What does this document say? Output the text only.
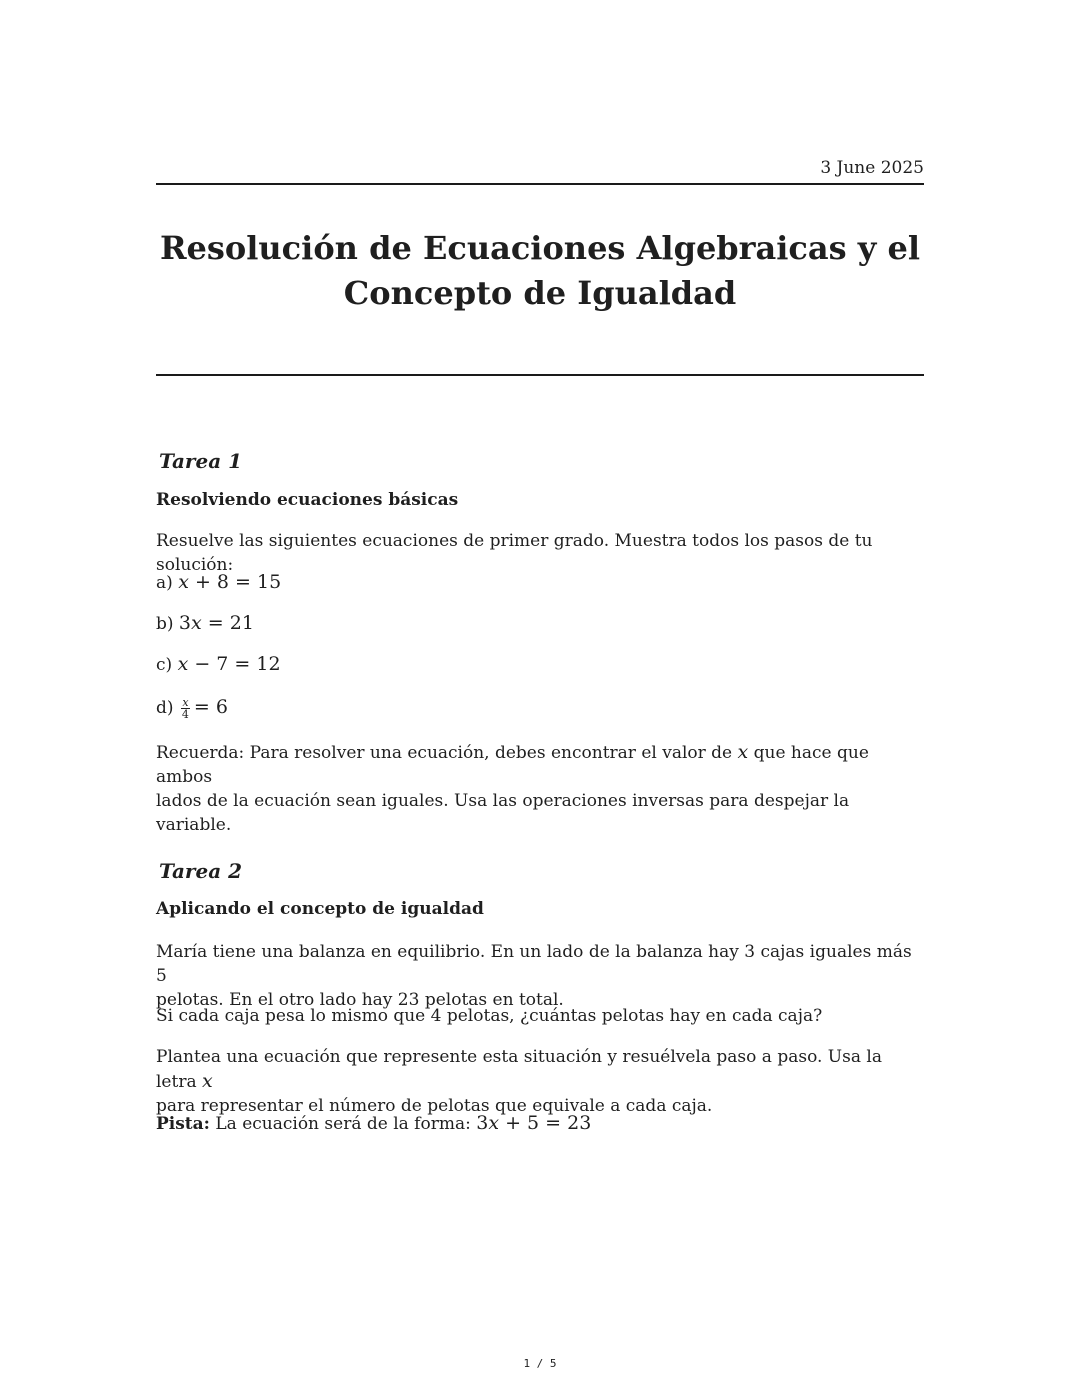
3 June 2025
Resolución de Ecuaciones Algebraicas y el
Concepto de Igualdad
Tarea 1
Resolviendo ecuaciones básicas

Resuelve las siguientes ecuaciones de primer grado. Muestra todos los pasos de tu solución:

a) x + 8 = 15
b) 3x = 21
c) x − 7 = 12
$d) \frac{x}{4} = 6$

Recuerda: Para resolver una ecuación, debes encontrar el valor de x que hace que ambos
lados de la ecuación sean iguales. Usa las operaciones inversas para despejar la variable.

Tarea 2
Aplicando el concepto de igualdad

María tiene una balanza en equilibrio. En un lado de la balanza hay 3 cajas iguales más 5
pelotas. En el otro lado hay 23 pelotas en total.

Si cada caja pesa lo mismo que 4 pelotas, ¿cuántas pelotas hay en cada caja?

Plantea una ecuación que represente esta situación y resuélvela paso a paso. Usa la letra x
para representar el número de pelotas que equivale a cada caja.

Pista: La ecuación será de la forma: 3x + 5 = 23

1 / 5
